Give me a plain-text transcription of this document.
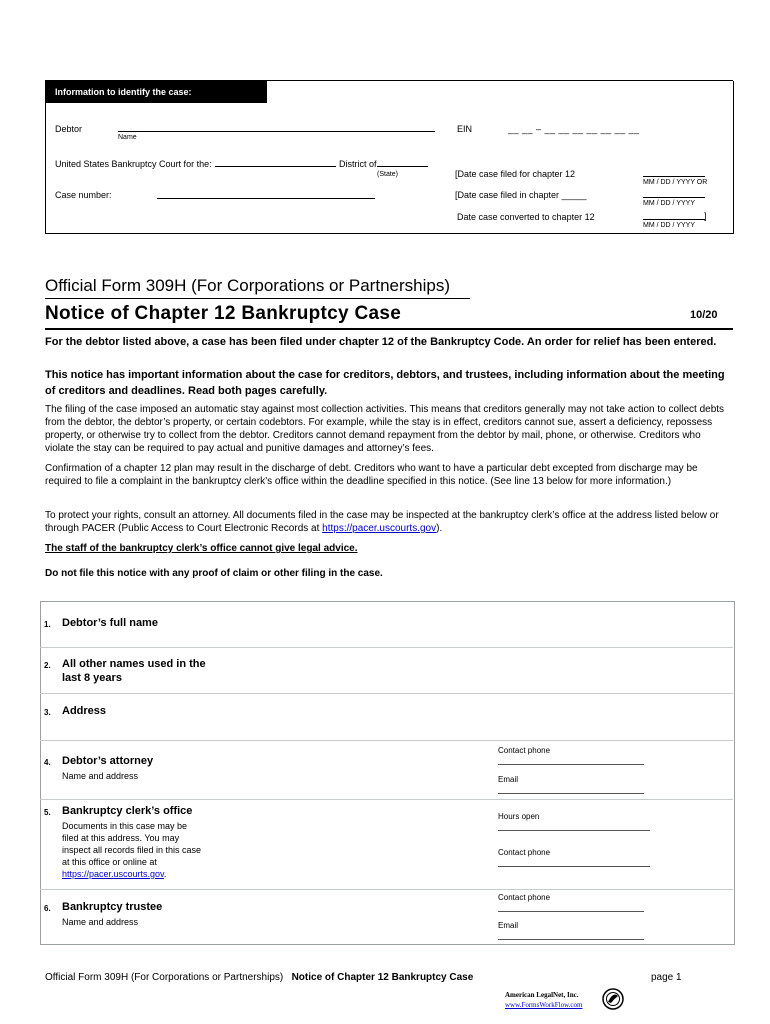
Information to identify the case:
Debtor
Name
EIN	__ __ – __ __ __ __ __ __ __
United States Bankruptcy Court for the:	District of
(State)
Case number:
[Date case filed for chapter 12
MM / DD / YYYY OR
[Date case filed in chapter _____
MM / DD / YYYY
Date case converted to chapter 12	]
MM / DD / YYYY
Official Form 309H (For Corporations or Partnerships)
Notice of Chapter 12 Bankruptcy Case	10/20
For the debtor listed above, a case has been filed under chapter 12 of the Bankruptcy Code. An order for relief has been entered.
This notice has important information about the case for creditors, debtors, and trustees, including information about the meeting of creditors and deadlines. Read both pages carefully.
The filing of the case imposed an automatic stay against most collection activities. This means that creditors generally may not take action to collect debts from the debtor, the debtor’s property, or certain codebtors. For example, while the stay is in effect, creditors cannot sue, assert a deficiency, repossess property, or otherwise try to collect from the debtor. Creditors cannot demand repayment from the debtor by mail, phone, or otherwise. Creditors who violate the stay can be required to pay actual and punitive damages and attorney’s fees.
Confirmation of a chapter 12 plan may result in the discharge of debt. Creditors who want to have a particular debt excepted from discharge may be required to file a complaint in the bankruptcy clerk’s office within the deadline specified in this notice. (See line 13 below for more information.)
To protect your rights, consult an attorney. All documents filed in the case may be inspected at the bankruptcy clerk’s office at the address listed below or through PACER (Public Access to Court Electronic Records at https://pacer.uscourts.gov).
The staff of the bankruptcy clerk’s office cannot give legal advice.
Do not file this notice with any proof of claim or other filing in the case.
1. Debtor’s full name
2. All other names used in the
last 8 years
3. Address
4. Debtor’s attorney
Name and address
Contact phone
Email
5. Bankruptcy clerk’s office
Documents in this case may be
filed at this address. You may
inspect all records filed in this case
at this office or online at
https://pacer.uscourts.gov.
Hours open
Contact phone
6. Bankruptcy trustee
Name and address
Contact phone
Email
Official Form 309H (For Corporations or Partnerships) Notice of Chapter 12 Bankruptcy Case	page 1
American LegalNet, Inc.
www.FormsWorkFlow.com
